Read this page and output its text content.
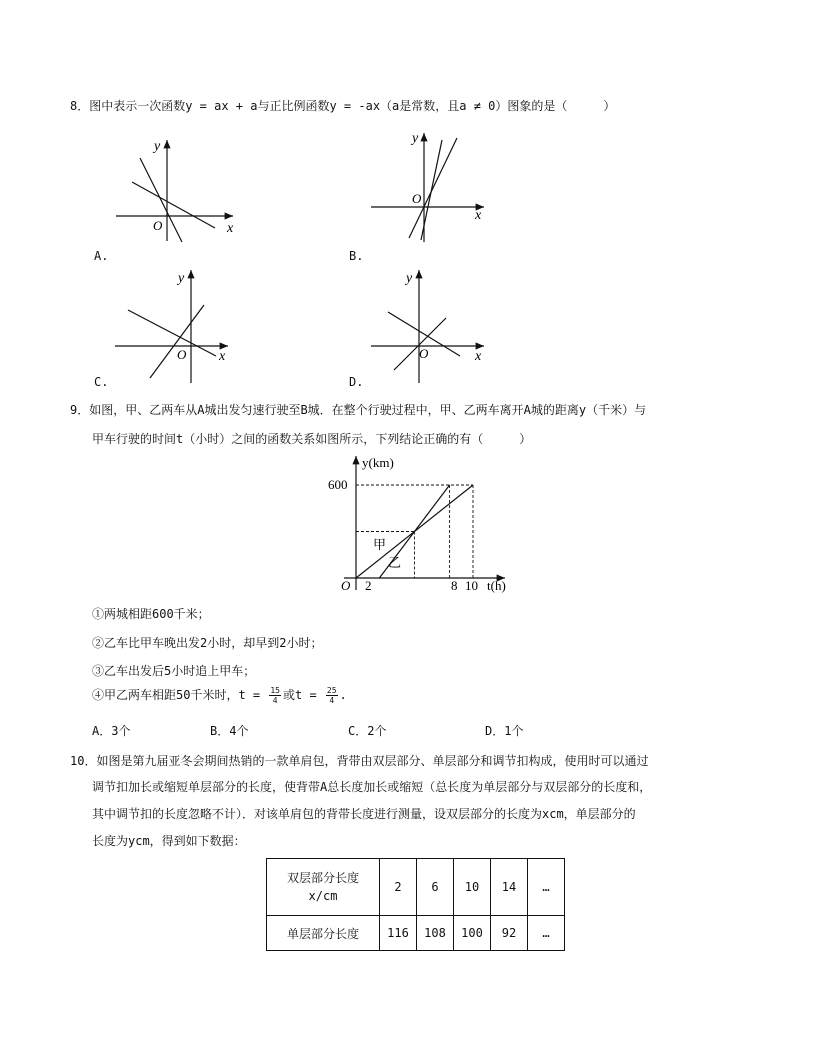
8．图中表示一次函数y = ax + a与正比例函数y = -ax（a是常数，且a ≠ 0）图象的是（　　　）
x
y
O
A.
x
y
O
B.
x
y
O
C.
x
y
O
D.
9．如图，甲、乙两车从A城出发匀速行驶至B城．在整个行驶过程中，甲、乙两车离开A城的距离y（千米）与
甲车行驶的时间t（小时）之间的函数关系如图所示，下列结论正确的有（　　　）
y(km)
t(h)
O
600
2	8 10
甲
乙
①两城相距600千米；
②乙车比甲车晚出发2小时，却早到2小时；
③乙车出发后5小时追上甲车；
④甲乙两车相距50千米时，$t = \frac{15}{4}$ 或$t = \frac{25}{4}$ .
A．3个	B．4个	C．2个	D．1个
10．如图是第九届亚冬会期间热销的一款单肩包，背带由双层部分、单层部分和调节扣构成，使用时可以通过
调节扣加长或缩短单层部分的长度，使背带A总长度加长或缩短（总长度为单层部分与双层部分的长度和，
其中调节扣的长度忽略不计）．对该单肩包的背带长度进行测量，设双层部分的长度为xcm，单层部分的
长度为ycm，得到如下数据：
双层部分长度
x/cm	2	6	10	14	…
单层部分长度	116	108	100	92	…
